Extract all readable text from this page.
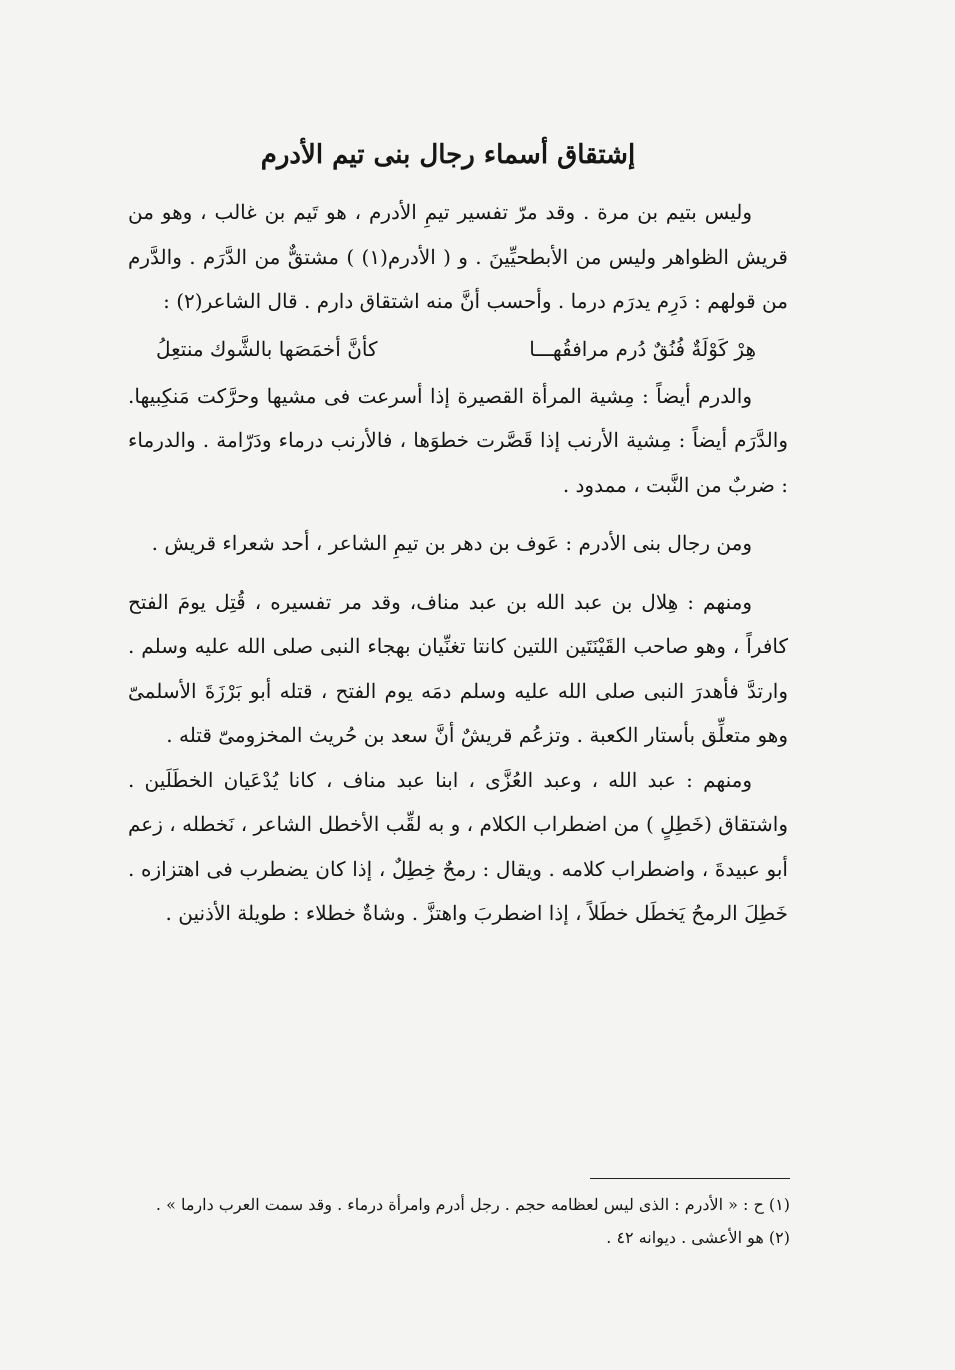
إشتقاق أسماء رجال بنى تيم الأدرم

وليس بتيم بن مرة . وقد مرّ تفسير تيمِ الأدرم ، هو تَيم بن غالب ، وهو من قريش الظواهر وليس من الأبطحيِّينَ . و ( الأدرم(١) ) مشتقٌّ من الدَّرَم . والدَّرم من قولهم : دَرِم يدرَم درما . وأحسب أنَّ منه اشتقاق دارم . قال الشاعر(٢) :

هِرْ كَوْلَةٌ فُنُقٌ دُرم مرافقُهـــا
كأنَّ أخمَصَها بالشَّوك منتعِلُ

والدرم أيضاً : مِشية المرأة القصيرة إذا أسرعت فى مشيها وحرَّكت مَنكِبيها. والدَّرَم أيضاً : مِشية الأرنب إذا قَصَّرت خطوَها ، فالأرنب درماء ودَرّامة . والدرماء : ضربٌ من النَّبت ، ممدود .

ومن رجال بنى الأدرم : عَوف بن دهر بن تيمِ الشاعر ، أحد شعراء قريش .

ومنهم : هِلال بن عبد الله بن عبد مناف، وقد مر تفسيره ، قُتِل يومَ الفتح كافراً ، وهو صاحب القَيْنَتَين اللتين كانتا تغنِّيان بهجاء النبى صلى الله عليه وسلم . وارتدَّ فأهدرَ النبى صلى الله عليه وسلم دمَه يوم الفتح ، قتله أبو بَرْزَةَ الأسلمىّ وهو متعلِّق بأستار الكعبة . وتزعُم قريشٌ أنَّ سعد بن حُريث المخزومىّ قتله .

ومنهم : عبد الله ، وعبد العُزَّى ، ابنا عبد مناف ، كانا يُدْعَيان الخطَلَين . واشتقاق (خَطِلٍ ) من اضطراب الكلام ، و به لقِّب الأخطل الشاعر ، نَخطله ، زعم أبو عبيدةَ ، واضطراب كلامه . ويقال : رمحٌ خِطِلٌ ، إذا كان يضطرب فى اهتزازه . خَطِلَ الرمحُ يَخطَل خطَلاً ، إذا اضطربَ واهتزَّ . وشاةٌ خطلاء : طويلة الأذنين .

(١) ح : « الأدرم : الذى ليس لعظامه حجم . رجل أدرم وامرأة درماء . وقد سمت العرب دارما » .

(٢) هو الأعشى . ديوانه ٤٢ .
